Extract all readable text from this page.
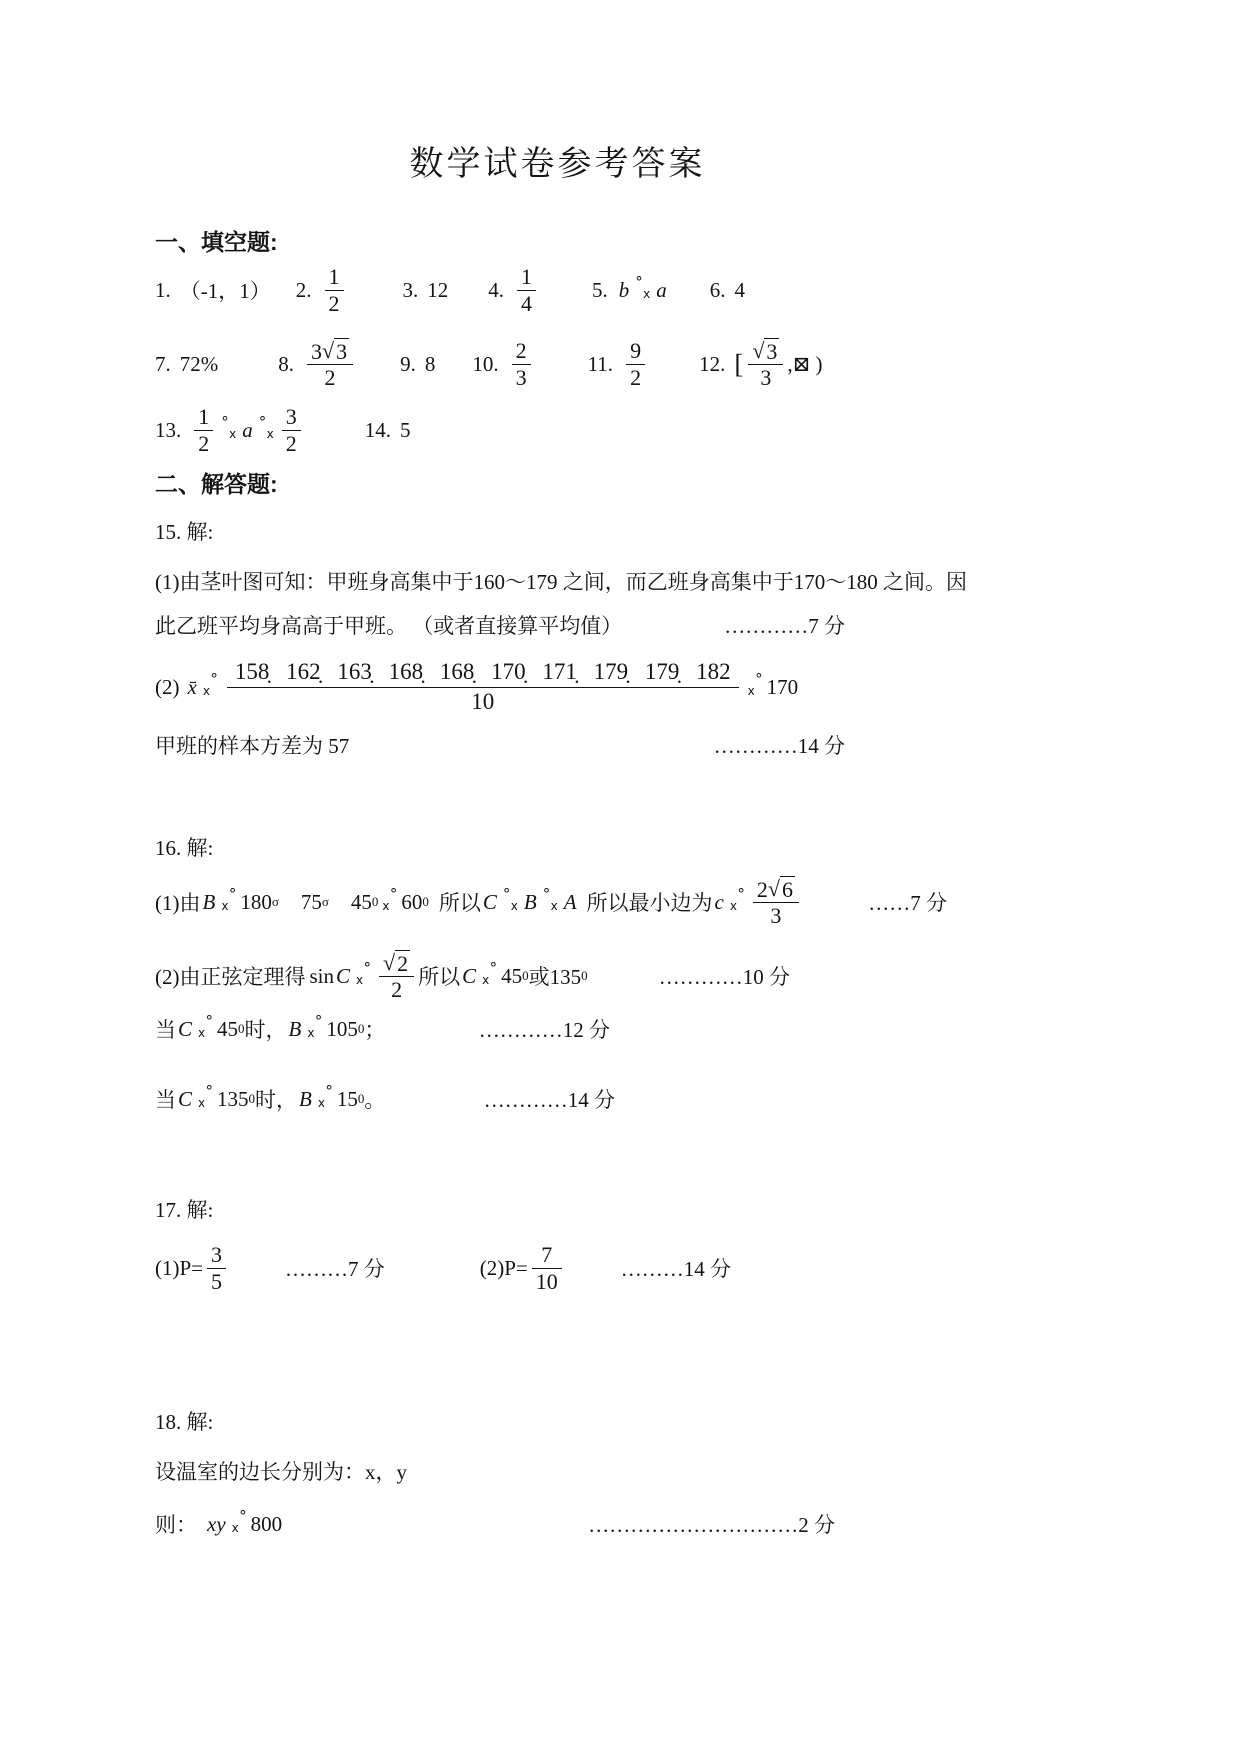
数学试卷参考答案
一、填空题:
1. （-1，1） 2. $\frac{1}{2}$	3. 12 4. $\frac{1}{4}$	5. b °
x a 6. 4
7. 72%	8. $\frac{3 √ 3}{2} 9$. 8 10. $\frac{2}{3}$	11. $\frac{9}{2}$	12. [ $\frac{√ 3}{3}$ ,⊠ )
13. $\frac{1}{2}$ °
x a °
x $\frac{3}{2}$	14. 5
二、解答题:
15. 解:
(1)由茎叶图可知：甲班身高集中于160～179 之间，而乙班身高集中于170～180 之间。因
此乙班平均身高高于甲班。 （或者直接算平均值）	…………7 分
(2) x̄ x
° 158̣ 162̣ 163̣ 168̣ 168̣ 170̣ 171̣ 179̣ 179̣ 182
10	x
° 170
甲班的样本方差为 57	…………14 分
16. 解:
(1)由 B x
° 180 σ 75 σ 45 0 x
° 60 0 所以 C °
x B °
x A 所以最小边为 c x
° $\frac{2 √ 6}{3}$	……7 分
(2)由正弦定理得 sin C x
° $\frac{√ 2}{2}$ 所以 C x
° 45 0 或135 0	…………10 分
当 C x
° 45 0 时， B x
° 105 0 ；	…………12 分
当 C x
° 135 0 时， B x
° 15 0 。	…………14 分
17. 解:
$(1)P= \frac{3}{5}$	………7 分	$(2)P= \frac{7}{10}$	………14 分
18. 解:
设温室的边长分别为：x，y
则： xy x
° 800	…………………………2 分
